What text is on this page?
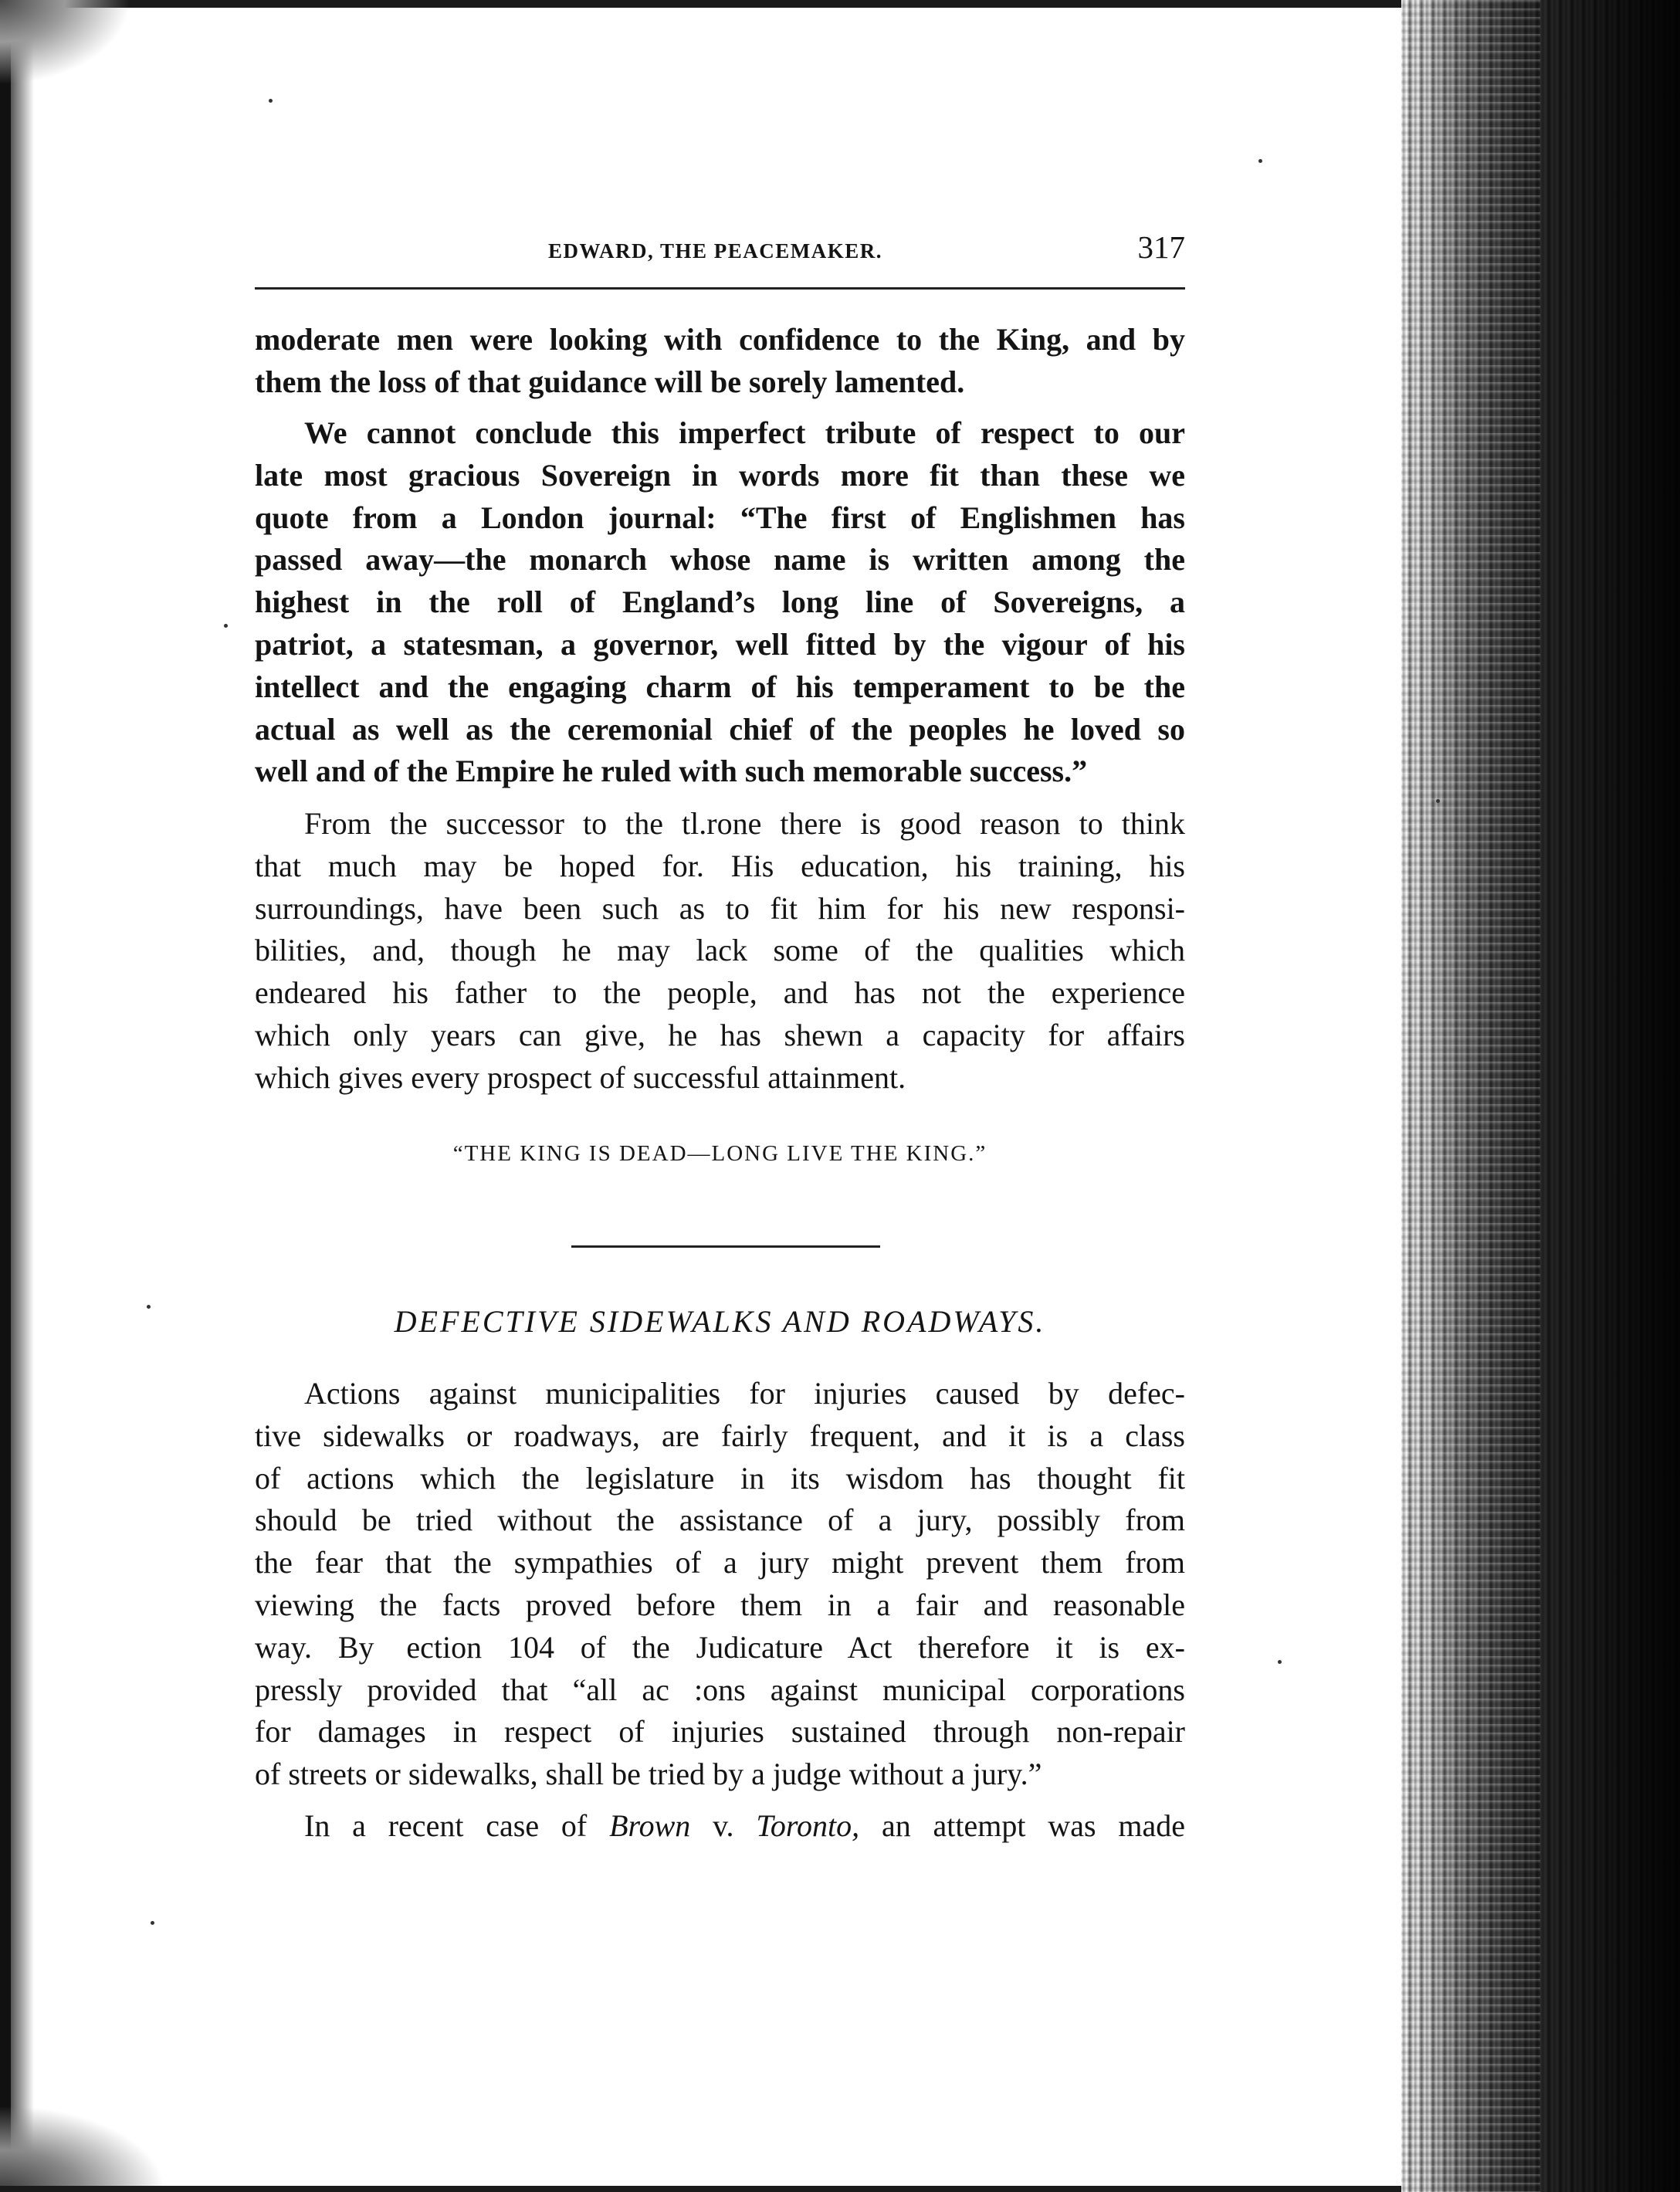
EDWARD, THE PEACEMAKER.	317
moderate men were looking with confidence to the King, and by
them the loss of that guidance will be sorely lamented.
We cannot conclude this imperfect tribute of respect to our
late most gracious Sovereign in words more fit than these we
quote from a London journal: “The first of Englishmen has
passed away—the monarch whose name is written among the
highest in the roll of England’s long line of Sovereigns, a
patriot, a statesman, a governor, well fitted by the vigour of his
intellect and the engaging charm of his temperament to be the
actual as well as the ceremonial chief of the peoples he loved so
well and of the Empire he ruled with such memorable success.”
From the successor to the tl.rone there is good reason to think
that much may be hoped for. His education, his training, his
surroundings, have been such as to fit him for his new responsi-
bilities, and, though he may lack some of the qualities which
endeared his father to the people, and has not the experience
which only years can give, he has shewn a capacity for affairs
which gives every prospect of successful attainment.
“THE KING IS DEAD—LONG LIVE THE KING.”
DEFECTIVE SIDEWALKS AND ROADWAYS.
Actions against municipalities for injuries caused by defec-
tive sidewalks or roadways, are fairly frequent, and it is a class
of actions which the legislature in its wisdom has thought fit
should be tried without the assistance of a jury, possibly from
the fear that the sympathies of a jury might prevent them from
viewing the facts proved before them in a fair and reasonable
way. By  ection 104 of the Judicature Act therefore it is ex-
pressly provided that “all ac :ons against municipal corporations
for damages in respect of injuries sustained through non-repair
of streets or sidewalks, shall be tried by a judge without a jury.”
In a recent case of Brown v. Toronto, an attempt was made
